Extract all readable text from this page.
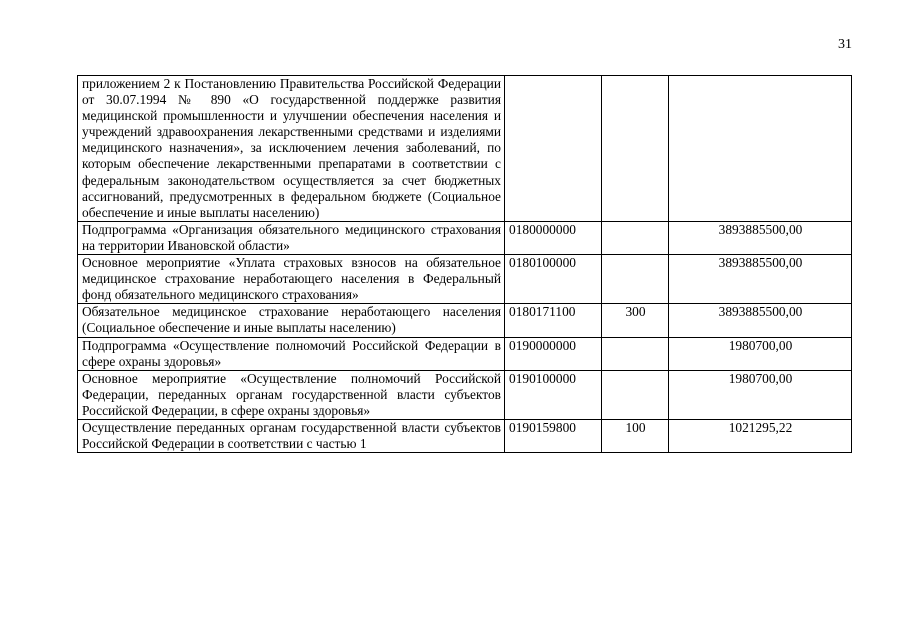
31
приложением 2 к Постановлению Правительства Российской Федерации от 30.07.1994 № 890 «О государственной поддержке развития медицинской промышленности и улучшении обеспечения населения и учреждений здравоохранения лекарственными средствами и изделиями медицинского назначения», за исключением лечения заболеваний, по которым обеспечение лекарственными препаратами в соответствии с федеральным законодательством осуществляется за счет бюджетных ассигнований, предусмотренных в федеральном бюджете (Социальное обеспечение и иные выплаты населению)			
Подпрограмма «Организация обязательного медицинского страхования на территории Ивановской области»	0180000000		3893885500,00
Основное мероприятие «Уплата страховых взносов на обязательное медицинское страхование неработающего населения в Федеральный фонд обязательного медицинского страхования»	0180100000		3893885500,00
Обязательное медицинское страхование неработающего населения (Социальное обеспечение и иные выплаты населению)	0180171100	300	3893885500,00
Подпрограмма «Осуществление полномочий Российской Федерации в сфере охраны здоровья»	0190000000		1980700,00
Основное мероприятие «Осуществление полномочий Российской Федерации, переданных органам государственной власти субъектов Российской Федерации, в сфере охраны здоровья»	0190100000		1980700,00
Осуществление переданных органам государственной власти субъектов Российской Федерации в соответствии с частью 1	0190159800	100	1021295,22
